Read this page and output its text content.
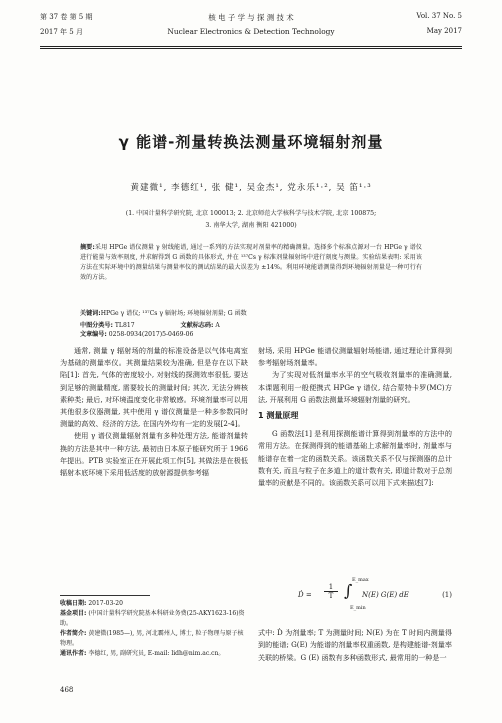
第 37 卷 第 5 期	核 电 子 学 与 探 测 技 术	Vol. 37 No. 5
2017 年 5 月	Nuclear Electronics & Detection Technology	May 2017
γ 能谱-剂量转换法测量环境辐射剂量
黄建微¹, 李德红¹, 张 健¹, 吴金杰¹, 党永乐¹·², 吴 笛¹·³
(1. 中国计量科学研究院, 北京 100013; 2. 北京师范大学核科学与技术学院, 北京 100875;
3. 南华大学, 湖南 衡阳 421000)
摘要:采用 HPGe 谱仪测量 γ 射线能谱, 通过一系列的方法实现对剂量率的精确测量。选择多个标准点源对一台 HPGe γ 谱仪进行能量与效率刻度, 并求解得到 G 函数的具体形式, 并在 ¹³⁷Cs γ 标准剂量辐射场中进行刻度与测量。实验结果表明: 采用该方法在实际环境中的测量结果与测量率仪的测试结果的最大误差为 ±14%。利用环境能谱测量得到环境辐射剂量是一种可行有效的方法。
关键词:HPGe γ 谱仪; ¹³⁷Cs γ 辐射场; 环境辐射剂量; G 函数
中图分类号: TL817	文献标志码: A 文章编号: 0258-0934(2017)5-0469-06

通常, 测量 γ 辐射场的剂量的标准设备是以气体电离室为基础的测量率仪。其测量结果较为准确, 但是存在以下缺陷[1]: 首先, 气体的密度较小, 对射线的探测效率很低, 要达到足够的测量精度, 需要较长的测量时间; 其次, 无法分辨核素种类; 最后, 对环境温度变化非常敏感。环境剂量率可以用其他很多仪器测量, 其中使用 γ 谱仪测量是一种多参数同时测量的高效、经济的方法, 在国内外均有一定的发展[2-4]。

使用 γ 谱仪测量辐射剂量有多种处理方法, 能谱剂量转换的方法是其中一种方法, 最初由日本原子能研究所于 1966 年提出。PTB 实验室正在开展此项工作[5], 其做法是在极低辐射本底环境下采用低活度的放射源提供参考辐

射场, 采用 HPGe 能谱仪测量辐射场能谱, 通过理论计算得到参考辐射场剂量率。

为了实现对低剂量率水平的空气吸收剂量率的准确测量, 本课题利用一般便携式 HPGe γ 谱仪, 结合蒙特卡罗(MC)方法, 开展利用 G 函数法测量环境辐射剂量的研究。

1 测量原理

G 函数法[1] 是利用探测能谱计算得到剂量率的方法中的常用方法。在探测得到的能谱基础上求解剂量率时, 剂量率与能谱存在着一定的函数关系。该函数关系不仅与探测器的总计数有关, 而且与粒子在多道上的道计数有关, 即道计数对于总剂量率的贡献是不同的。该函数关系可以用下式来描述[7]:

Ḋ = $\frac{1}{T}$ ∫
E_max
E_min
N(E) G(E) dE	(1)

式中: Ḋ 为剂量率; T 为测量时间; N(E) 为在 T 时间内测量得到的能谱; G(E) 为能谱的剂量率权重函数, 是构建能谱-剂量率关联的桥梁。G (E) 函数有多种函数形式, 最常用的一种是一

收稿日期: 2017-03-20
基金项目: (中国计量科学研究院基本科研业务费(25-AKY1623-16)资助。
作者简介: 黄建微(1985—), 男, 河北霸州人, 博士, 粒子物理与原子核物理。
通讯作者: 李德红, 男, 副研究员, E-mail: lidh@nim.ac.cn。
468
